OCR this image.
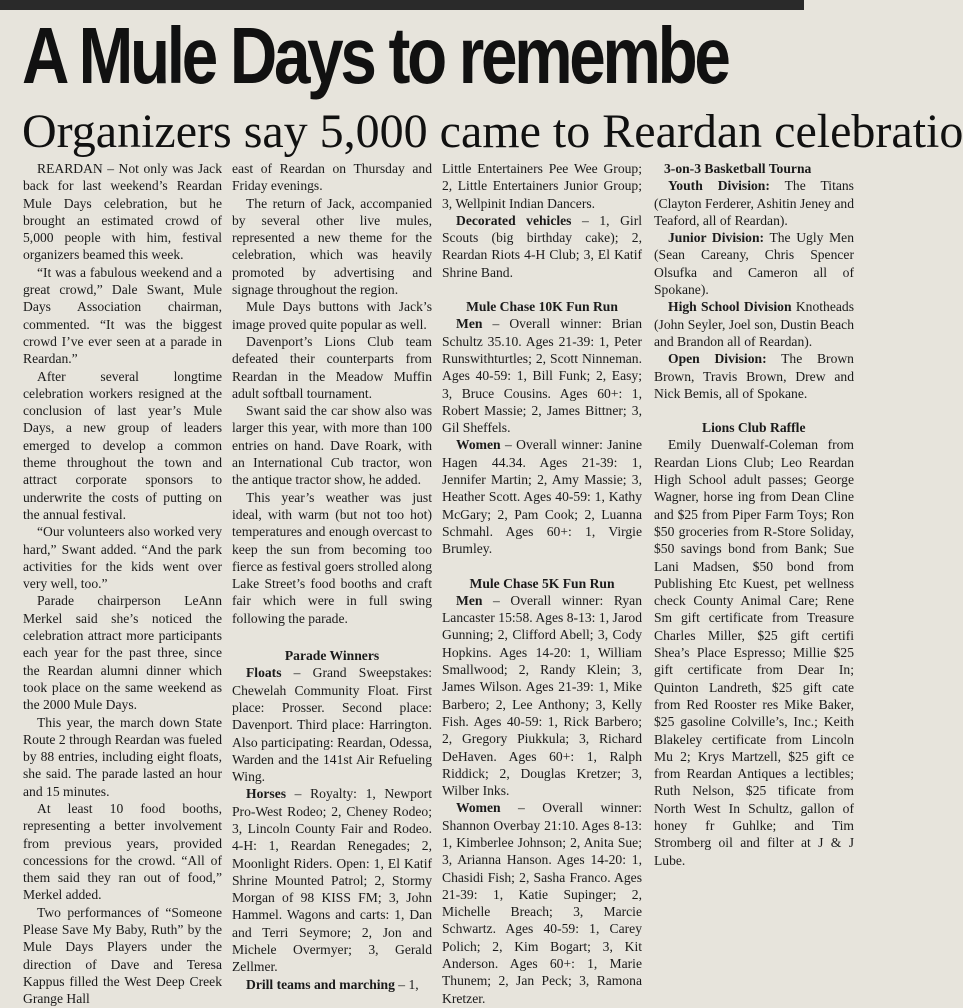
A Mule Days to remembe
Organizers say 5,000 came to Reardan celebratio

REARDAN – Not only was Jack back for last weekend’s Reardan Mule Days celebration, but he brought an estimated crowd of 5,000 people with him, festival organizers beamed this week.

“It was a fabulous weekend and a great crowd,” Dale Swant, Mule Days Association chairman, commented. “It was the biggest crowd I’ve ever seen at a parade in Reardan.”

After several longtime celebration workers resigned at the conclusion of last year’s Mule Days, a new group of leaders emerged to develop a common theme throughout the town and attract corporate sponsors to underwrite the costs of putting on the annual festival.

“Our volunteers also worked very hard,” Swant added. “And the park activities for the kids went over very well, too.”

Parade chairperson LeAnn Merkel said she’s noticed the celebration attract more participants each year for the past three, since the Reardan alumni dinner which took place on the same weekend as the 2000 Mule Days.

This year, the march down State Route 2 through Reardan was fueled by 88 entries, including eight floats, she said. The parade lasted an hour and 15 minutes.

At least 10 food booths, representing a better involvement from previous years, provided concessions for the crowd. “All of them said they ran out of food,” Merkel added.

Two performances of “Someone Please Save My Baby, Ruth” by the Mule Days Players under the direction of Dave and Teresa Kappus filled the West Deep Creek Grange Hall

east of Reardan on Thursday and Friday evenings.

The return of Jack, accompanied by several other live mules, represented a new theme for the celebration, which was heavily promoted by advertising and signage throughout the region.

Mule Days buttons with Jack’s image proved quite popular as well.

Davenport’s Lions Club team defeated their counterparts from Reardan in the Meadow Muffin adult softball tournament.

Swant said the car show also was larger this year, with more than 100 entries on hand. Dave Roark, with an International Cub tractor, won the antique tractor show, he added.

This year’s weather was just ideal, with warm (but not too hot) temperatures and enough overcast to keep the sun from becoming too fierce as festival goers strolled along Lake Street’s food booths and craft fair which were in full swing following the parade.

Parade Winners

Floats – Grand Sweepstakes: Chewelah Community Float. First place: Prosser. Second place: Davenport. Third place: Harrington. Also participating: Reardan, Odessa, Warden and the 141st Air Refueling Wing.

Horses – Royalty: 1, Newport Pro-West Rodeo; 2, Cheney Rodeo; 3, Lincoln County Fair and Rodeo. 4-H: 1, Reardan Renegades; 2, Moonlight Riders. Open: 1, El Katif Shrine Mounted Patrol; 2, Stormy Morgan of 98 KISS FM; 3, John Hammel. Wagons and carts: 1, Dan and Terri Seymore; 2, Jon and Michele Overmyer; 3, Gerald Zellmer.

Drill teams and marching – 1,

Little Entertainers Pee Wee Group; 2, Little Entertainers Junior Group; 3, Wellpinit Indian Dancers.

Decorated vehicles – 1, Girl Scouts (big birthday cake); 2, Reardan Riots 4-H Club; 3, El Katif Shrine Band.

Mule Chase 10K Fun Run

Men – Overall winner: Brian Schultz 35.10. Ages 21-39: 1, Peter Runswithturtles; 2, Scott Ninneman. Ages 40-59: 1, Bill Funk; 2, Easy; 3, Bruce Cousins. Ages 60+: 1, Robert Massie; 2, James Bittner; 3, Gil Sheffels.

Women – Overall winner: Janine Hagen 44.34. Ages 21-39: 1, Jennifer Martin; 2, Amy Massie; 3, Heather Scott. Ages 40-59: 1, Kathy McGary; 2, Pam Cook; 2, Luanna Schmahl. Ages 60+: 1, Virgie Brumley.

Mule Chase 5K Fun Run

Men – Overall winner: Ryan Lancaster 15:58. Ages 8-13: 1, Jarod Gunning; 2, Clifford Abell; 3, Cody Hopkins. Ages 14-20: 1, William Smallwood; 2, Randy Klein; 3, James Wilson. Ages 21-39: 1, Mike Barbero; 2, Lee Anthony; 3, Kelly Fish. Ages 40-59: 1, Rick Barbero; 2, Gregory Piukkula; 3, Richard DeHaven. Ages 60+: 1, Ralph Riddick; 2, Douglas Kretzer; 3, Wilber Inks.

Women – Overall winner: Shannon Overbay 21:10. Ages 8-13: 1, Kimberlee Johnson; 2, Anita Sue; 3, Arianna Hanson. Ages 14-20: 1, Chasidi Fish; 2, Sasha Franco. Ages 21-39: 1, Katie Supinger; 2, Michelle Breach; 3, Marcie Schwartz. Ages 40-59: 1, Carey Polich; 2, Kim Bogart; 3, Kit Anderson. Ages 60+: 1, Marie Thunem; 2, Jan Peck; 3, Ramona Kretzer.

3-on-3 Basketball Tourna

Youth Division: The Titans (Clayton Ferderer, Ashitin Jeney and Teaford, all of Reardan).

Junior Division: The Ugly Men (Sean Careany, Chris Spencer Olsufka and Cameron all of Spokane).

High School Division Knotheads (John Seyler, Joel son, Dustin Beach and Brandon all of Reardan).

Open Division: The Brown Brown, Travis Brown, Drew and Nick Bemis, all of Spokane.

Lions Club Raffle

Emily Duenwalf-Coleman from Reardan Lions Club; Leo Reardan High School adult passes; George Wagner, horse ing from Dean Cline and $25 from Piper Farm Toys; Ron $50 groceries from R-Store Soliday, $50 savings bond from Bank; Sue Lani Madsen, $50 bond from Publishing Etc Kuest, pet wellness check County Animal Care; Rene Sm gift certificate from Treasure Charles Miller, $25 gift certifi Shea’s Place Espresso; Millie $25 gift certificate from Dear In; Quinton Landreth, $25 gift cate from Red Rooster res Mike Baker, $25 gasoline Colville’s, Inc.; Keith Blakeley certificate from Lincoln Mu 2; Krys Martzell, $25 gift ce from Reardan Antiques a lectibles; Ruth Nelson, $25 tificate from North West In Schultz, gallon of honey fr Guhlke; and Tim Stromberg oil and filter at J & J Lube.
